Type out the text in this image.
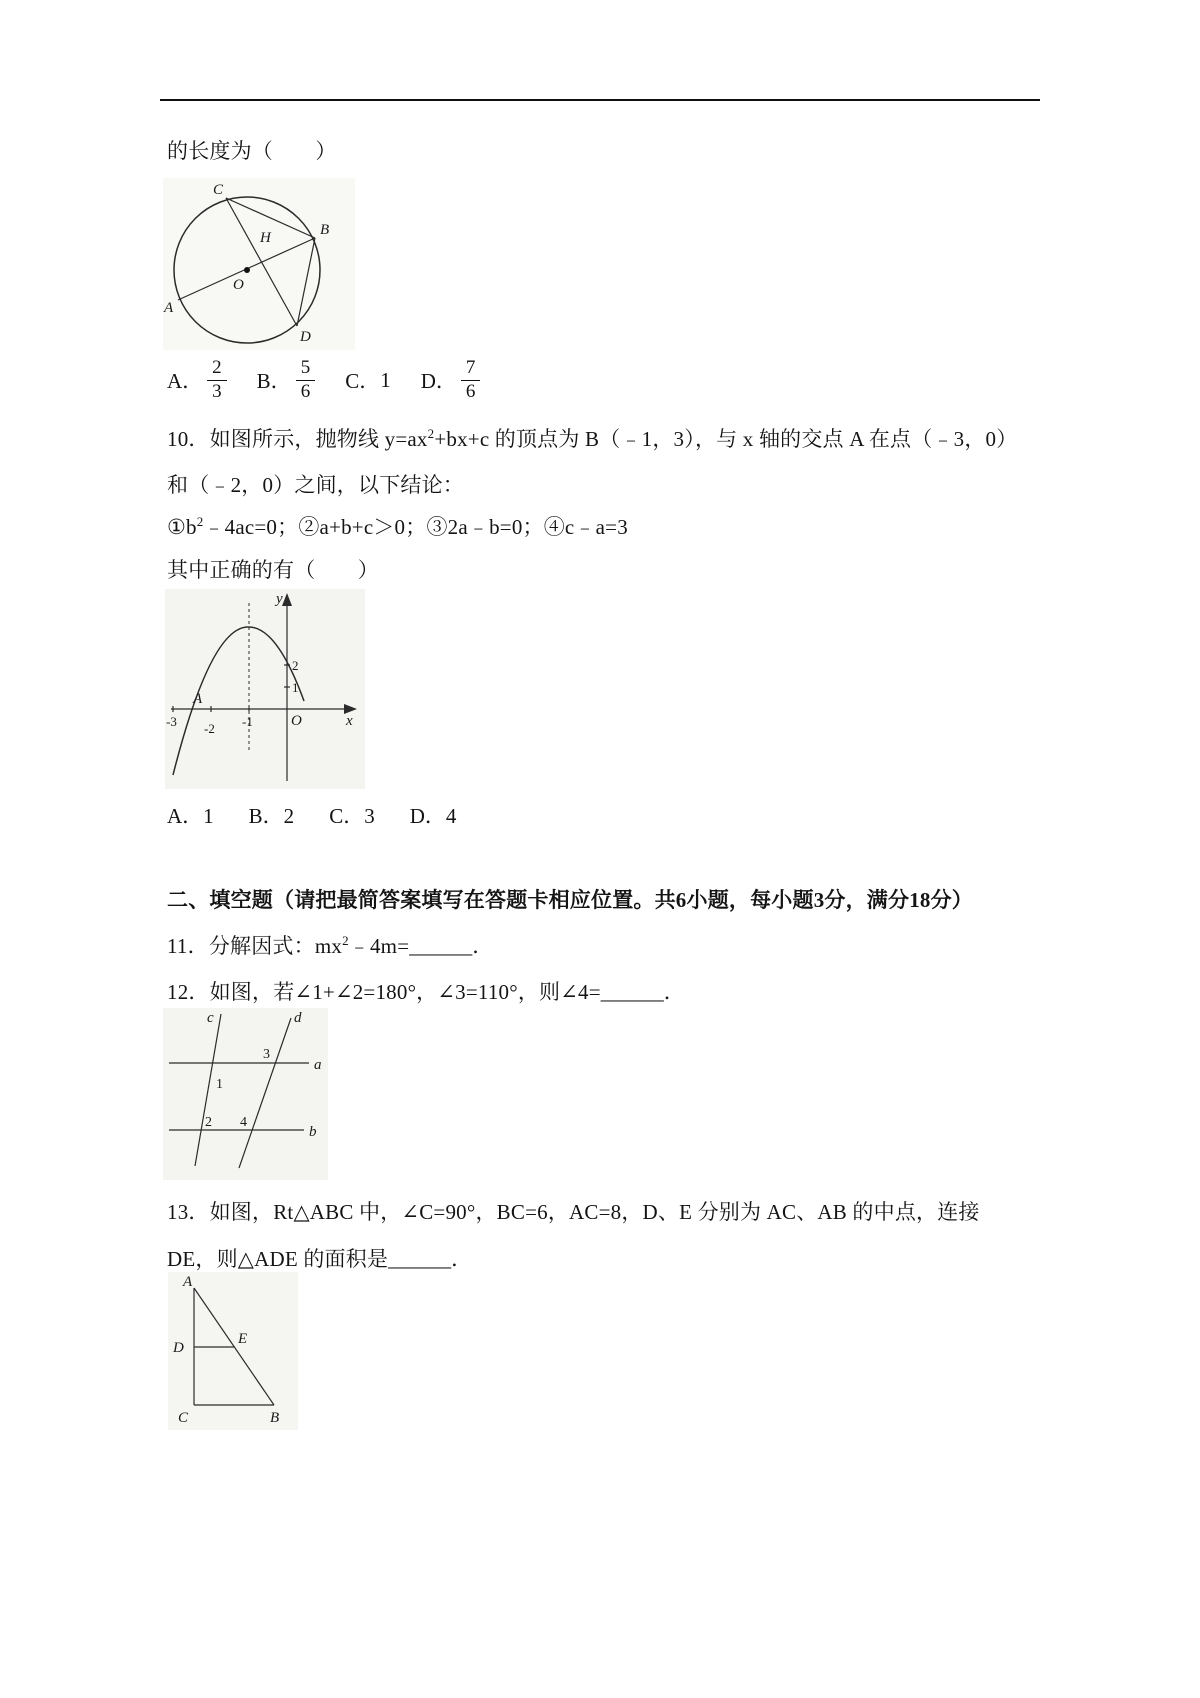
的长度为（　　）
C
H	B
O
A
D
A． $\frac{2}{3}$ B． $\frac{5}{6}$ C． 1 D． $\frac{7}{6}$
10．如图所示，抛物线 $y=ax^2+bx+c$ 的顶点为 B（﹣1，3），与 x 轴的交点 A 在点（﹣3，0）
和（﹣2，0）之间，以下结论：
$①b^2﹣4ac=0$；②a+b+c＞0；③2a﹣b=0；④c﹣a=3
其中正确的有（　　）
y
x
O
A
2
1
-3 -2 -1
A．1 B．2 C．3 D．4
二、填空题（请把最简答案填写在答题卡相应位置。共6小题，每小题3分，满分18分）
11．分解因式：$mx^2﹣4m=\_\_\_\_\_\_$．
12．如图，若∠1+∠2=180°，∠3=110°，则∠4=______．
c	d
a
b
3
1
2 4
13．如图，Rt△ABC 中，∠C=90°，BC=6，AC=8，D、E 分别为 AC、AB 的中点，连接
DE，则△ADE 的面积是______．
A
D
E
C	B
